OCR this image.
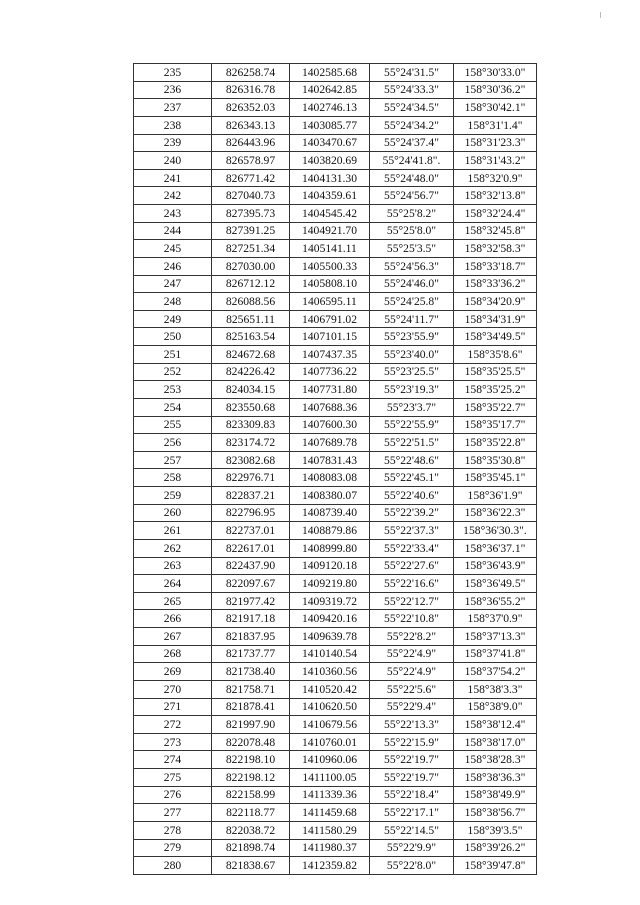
235	826258.74	1402585.68	55°24'31.5"	158°30'33.0"
236	826316.78	1402642.85	55°24'33.3"	158°30'36.2"
237	826352.03	1402746.13	55°24'34.5"	158°30'42.1"
238	826343.13	1403085.77	55°24'34.2"	158°31'1.4"
239	826443.96	1403470.67	55°24'37.4"	158°31'23.3"
240	826578.97	1403820.69	55°24'41.8".	158°31'43.2"
241	826771.42	1404131.30	55°24'48.0"	158°32'0.9"
242	827040.73	1404359.61	55°24'56.7"	158°32'13.8"
243	827395.73	1404545.42	55°25'8.2"	158°32'24.4"
244	827391.25	1404921.70	55°25'8.0"	158°32'45.8"
245	827251.34	1405141.11	55°25'3.5"	158°32'58.3"
246	827030.00	1405500.33	55°24'56.3"	158°33'18.7"
247	826712.12	1405808.10	55°24'46.0"	158°33'36.2"
248	826088.56	1406595.11	55°24'25.8"	158°34'20.9"
249	825651.11	1406791.02	55°24'11.7"	158°34'31.9"
250	825163.54	1407101.15	55°23'55.9"	158°34'49.5"
251	824672.68	1407437.35	55°23'40.0"	158°35'8.6"
252	824226.42	1407736.22	55°23'25.5"	158°35'25.5"
253	824034.15	1407731.80	55°23'19.3"	158°35'25.2"
254	823550.68	1407688.36	55°23'3.7"	158°35'22.7"
255	823309.83	1407600.30	55°22'55.9"	158°35'17.7"
256	823174.72	1407689.78	55°22'51.5"	158°35'22.8"
257	823082.68	1407831.43	55°22'48.6"	158°35'30.8"
258	822976.71	1408083.08	55°22'45.1"	158°35'45.1"
259	822837.21	1408380.07	55°22'40.6"	158°36'1.9"
260	822796.95	1408739.40	55°22'39.2"	158°36'22.3"
261	822737.01	1408879.86	55°22'37.3"	158°36'30.3".
262	822617.01	1408999.80	55°22'33.4"	158°36'37.1"
263	822437.90	1409120.18	55°22'27.6"	158°36'43.9"
264	822097.67	1409219.80	55°22'16.6"	158°36'49.5"
265	821977.42	1409319.72	55°22'12.7"	158°36'55.2"
266	821917.18	1409420.16	55°22'10.8"	158°37'0.9"
267	821837.95	1409639.78	55°22'8.2"	158°37'13.3"
268	821737.77	1410140.54	55°22'4.9"	158°37'41.8"
269	821738.40	1410360.56	55°22'4.9"	158°37'54.2"
270	821758.71	1410520.42	55°22'5.6"	158°38'3.3"
271	821878.41	1410620.50	55°22'9.4"	158°38'9.0"
272	821997.90	1410679.56	55°22'13.3"	158°38'12.4"
273	822078.48	1410760.01	55°22'15.9"	158°38'17.0"
274	822198.10	1410960.06	55°22'19.7"	158°38'28.3"
275	822198.12	1411100.05	55°22'19.7"	158°38'36.3"
276	822158.99	1411339.36	55°22'18.4"	158°38'49.9"
277	822118.77	1411459.68	55°22'17.1"	158°38'56.7"
278	822038.72	1411580.29	55°22'14.5"	158°39'3.5"
279	821898.74	1411980.37	55°22'9.9"	158°39'26.2"
280	821838.67	1412359.82	55°22'8.0"	158°39'47.8"
